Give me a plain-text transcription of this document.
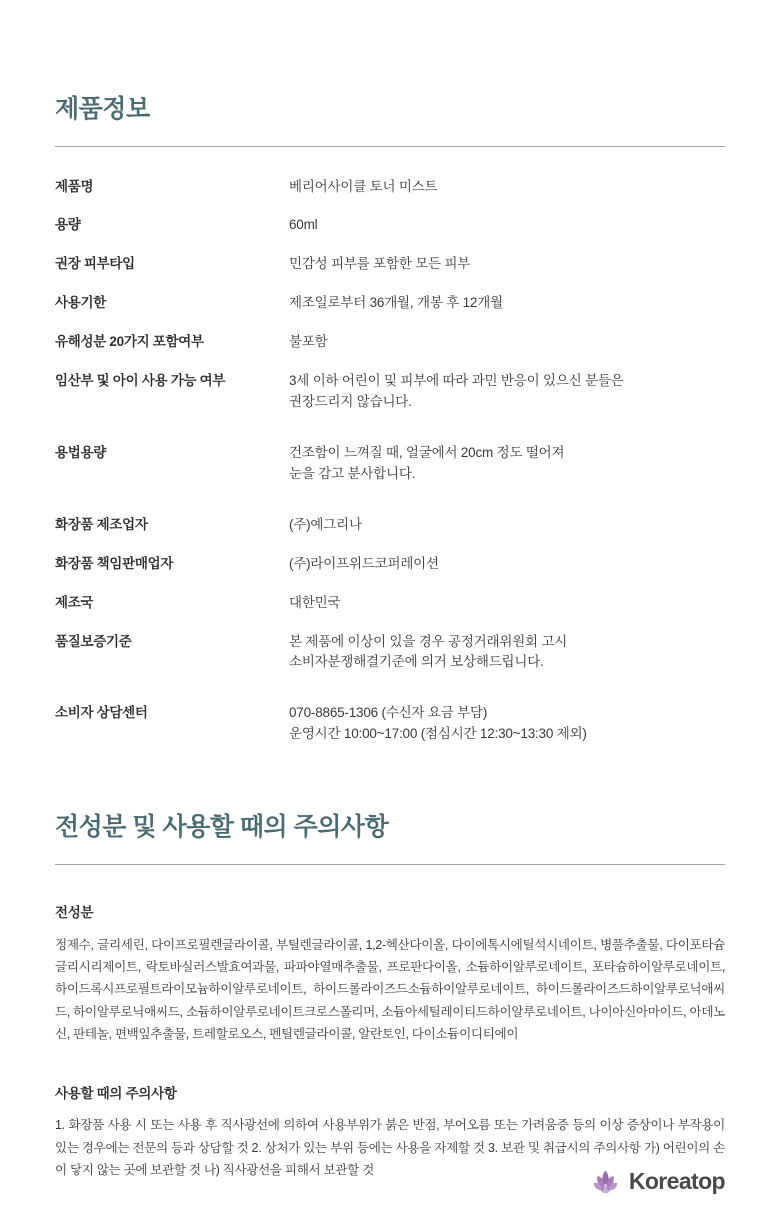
제품정보
제품명	베리어사이클 토너 미스트

용량	60ml

권장 피부타입	민감성 피부를 포함한 모든 피부

사용기한	제조일로부터 36개월, 개봉 후 12개월

유해성분 20가지 포함여부	불포함

임산부 및 아이 사용 가능 여부	3세 이하 어린이 및 피부에 따라 과민 반응이 있으신 분들은
권장드리지 않습니다.

용법용량	건조함이 느껴질 때, 얼굴에서 20cm 정도 떨어져
눈을 감고 분사합니다.

화장품 제조업자	(주)예그리나

화장품 책임판매업자	(주)라이프위드코퍼레이션

제조국	대한민국

품질보증기준	본 제품에 이상이 있을 경우 공정거래위원회 고시
소비자분쟁해결기준에 의거 보상해드립니다.

소비자 상담센터	070-8865-1306 (수신자 요금 부담)
운영시간 10:00~17:00 (점심시간 12:30~13:30 제외)
전성분 및 사용할 때의 주의사항
전성분

정제수, 글리세린, 다이프로필렌글라이콜, 부틸렌글라이콜, 1,2-헥산다이올, 다이에톡시에틸석시네이트, 병풀추출물, 다이포타슘글리시리제이트, 락토바실러스발효여과물, 파파야열매추출물, 프로판다이올, 소듐하이알루로네이트, 포타슘하이알루로네이트, 하이드록시프로필트라이모늄하이알루로네이트, 하이드롤라이즈드소듐하이알루로네이트, 하이드롤라이즈드하이알루로닉애씨드, 하이알루로닉애씨드, 소듐하이알루로네이트크로스폴리머, 소듐아세틸레이티드하이알루로네이트, 나이아신아마이드, 아데노신, 판테놀, 편백잎추출물, 트레할로오스, 펜틸렌글라이콜, 알란토인, 다이소듐이디티에이

사용할 때의 주의사항

1. 화장품 사용 시 또는 사용 후 직사광선에 의하여 사용부위가 붉은 반점, 부어오름 또는 가려움증 등의 이상 증상이나 부작용이 있는 경우에는 전문의 등과 상담할 것 2. 상처가 있는 부위 등에는 사용을 자제할 것 3. 보관 및 취급시의 주의사항 가) 어린이의 손이 닿지 않는 곳에 보관할 것 나) 직사광선을 피해서 보관할 것	Koreatop
